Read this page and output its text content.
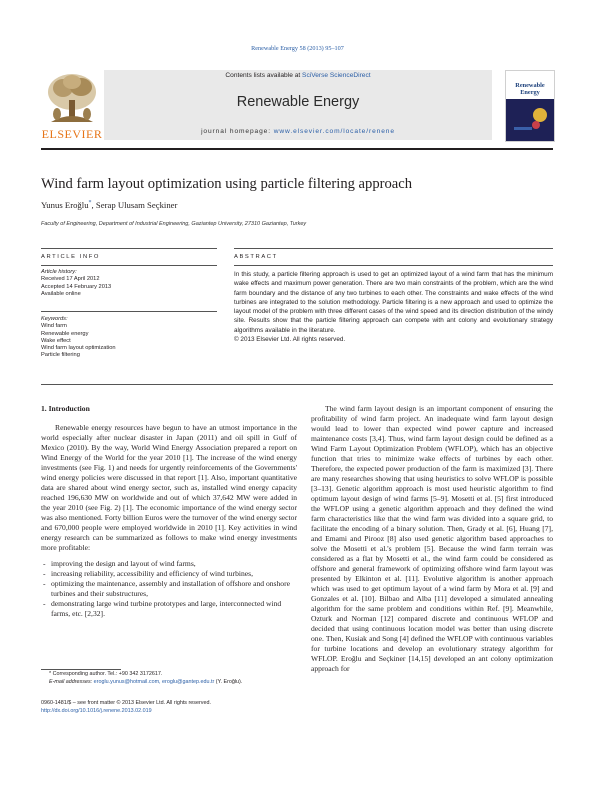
Renewable Energy 58 (2013) 95–107
Contents lists available at SciVerse ScienceDirect
Renewable Energy
journal homepage: www.elsevier.com/locate/renene
ELSEVIER
Renewable Energy
Wind farm layout optimization using particle filtering approach
Yunus Eroğlu*, Serap Ulusam Seçkiner
Faculty of Engineering, Department of Industrial Engineering, Gaziantep University, 27310 Gaziantep, Turkey
ARTICLE INFO
Article history:
Received 17 April 2012
Accepted 14 February 2013
Available online
Keywords:
Wind farm
Renewable energy
Wake effect
Wind farm layout optimization
Particle filtering
ABSTRACT
In this study, a particle filtering approach is used to get an optimized layout of a wind farm that has the minimum wake effects and maximum power generation. There are two main constraints of the problem, which are the wind farm boundary and the distance of any two turbines to each other. The constraints and wake effects of the wind turbines are integrated to the solution methodology. Particle filtering is a new approach and used to optimize the layout model of the problem with three different cases of the wind speed and its direction distribution of the windy site. Results show that the particle filtering approach can compete with ant colony and evolutionary strategy algorithms available in the literature.
© 2013 Elsevier Ltd. All rights reserved.
1. Introduction

Renewable energy resources have begun to have an utmost importance in the world especially after nuclear disaster in Japan (2011) and oil spill in Gulf of Mexico (2010). By the way, World Wind Energy Association prepared a report on Wind Energy of the World for the year 2010 [1]. The increase of the wind energy investments (see Fig. 1) and needs for urgently reinforcements of the Governments' wind energy policies were discussed in that report [1]. Also, important quantitative data are shared about wind energy sector, such as, installed wind energy capacity reached 196,630 MW on worldwide and out of which 37,642 MW were added in the year 2010 (see Fig. 2) [1]. The economic importance of the wind energy sector was also mentioned. Forty billion Euros were the turnover of the wind energy sector and 670,000 people were employed worldwide in 2010 [1]. Key activities in wind energy research can be summarized as follows to make wind energy investments more profitable:

- improving the design and layout of wind farms,
- increasing reliability, accessibility and efficiency of wind turbines,
- optimizing the maintenance, assembly and installation of offshore and onshore turbines and their substructures,
- demonstrating large wind turbine prototypes and large, interconnected wind farms, etc. [2,32].

The wind farm layout design is an important component of ensuring the profitability of wind farm project. An inadequate wind farm layout design would lead to lower than expected wind power capture and increased maintenance costs [3,4]. Thus, wind farm layout design could be defined as a Wind Farm Layout Optimization Problem (WFLOP), which has an objective function that tries to minimize wake effects of turbines by each other. Therefore, the expected power production of the farm is maximized [3]. There are many researches showing that using heuristics to solve WFLOP is possible [3–13]. Genetic algorithm approach is most used heuristic algorithm to find optimum layout design of wind farms [5–9]. Mosetti et al. [5] first introduced the WFLOP using a genetic algorithm approach and they defined the wind farm characteristics like that the wind farm was divided into a square grid, to facilitate the encoding of a binary solution. Then, Grady et al. [6], Huang [7], and Emami and Pirooz [8] also used genetic algorithm based approaches to solve the Mosetti et al.'s problem [5]. Because the wind farm terrain was considered as a flat by Mosetti et al., the wind farm could be considered as offshore and general framework of optimizing offshore wind farm layout was presented by Elkinton et al. [11]. Evolutive algorithm is another approach which was used to get optimum layout of a wind farm by Mora et al. [9] and Gonzales et al. [10]. Bilbao and Alba [11] developed a simulated annealing algorithm for the same problem and conditions within Ref. [9]. Meanwhile, Ozturk and Norman [12] compared discrete and continuous WFLOP and decided that using continuous location model was better than using discrete one. Then, Kusiak and Song [4] defined the WFLOP with continuous variables for turbine locations and develop an evolutionary strategy algorithm for WFLOP. Eroğlu and Seçkiner [14,15] developed an ant colony optimization approach for

* Corresponding author. Tel.: +90 342 3172617.
E-mail addresses: eroglu.yunus@hotmail.com, eroglu@gantep.edu.tr (Y. Eroğlu).
0960-1481/$ – see front matter © 2013 Elsevier Ltd. All rights reserved.
http://dx.doi.org/10.1016/j.renene.2013.02.019
